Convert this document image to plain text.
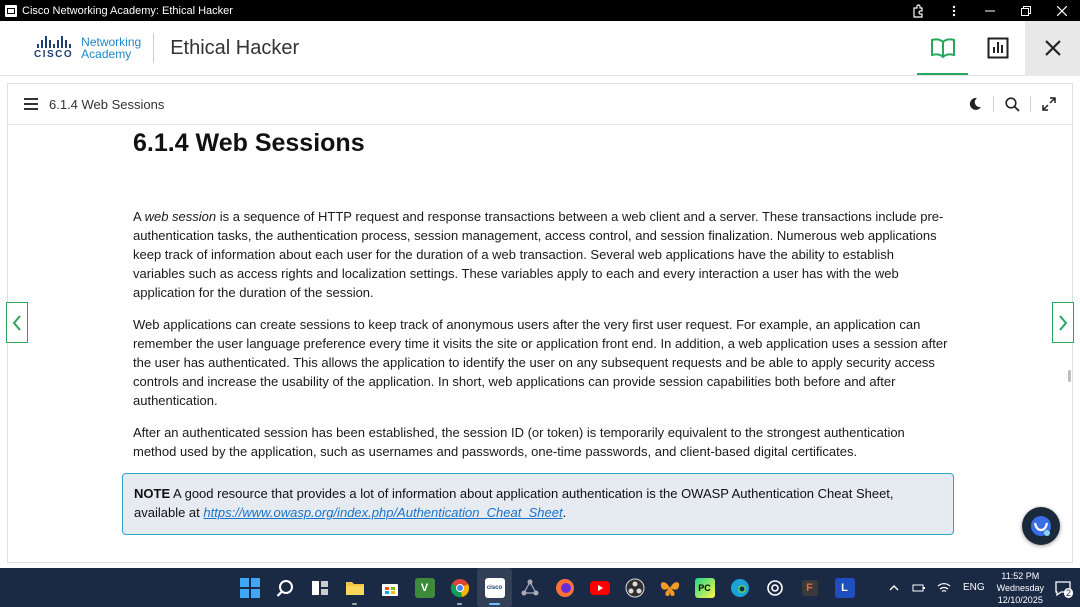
Cisco Networking Academy: Ethical Hacker
CISCO
Networking
Academy	Ethical Hacker
6.1.4 Web Sessions
6.1.4 Web Sessions

A web session is a sequence of HTTP request and response transactions between a web client and a server. These transactions include pre-authentication tasks, the authentication process, session management, access control, and session finalization. Numerous web applications keep track of information about each user for the duration of a web transaction. Several web applications have the ability to establish variables such as access rights and localization settings. These variables apply to each and every interaction a user has with the web application for the duration of the session.

Web applications can create sessions to keep track of anonymous users after the very first user request. For example, an application can remember the user language preference every time it visits the site or application front end. In addition, a web application uses a session after the user has authenticated. This allows the application to identify the user on any subsequent requests and be able to apply security access controls and increase the usability of the application. In short, web applications can provide session capabilities both before and after authentication.

After an authenticated session has been established, the session ID (or token) is temporarily equivalent to the strongest authentication method used by the application, such as usernames and passwords, one-time passwords, and client-based digital certificates.

NOTE A good resource that provides a lot of information about application authentication is the OWASP Authentication Cheat Sheet, available at https://www.owasp.org/index.php/Authentication_Cheat_Sheet.
V	cisco	PC	F	L	ENG
11:52 PM
Wednesday
12/10/2025
2
